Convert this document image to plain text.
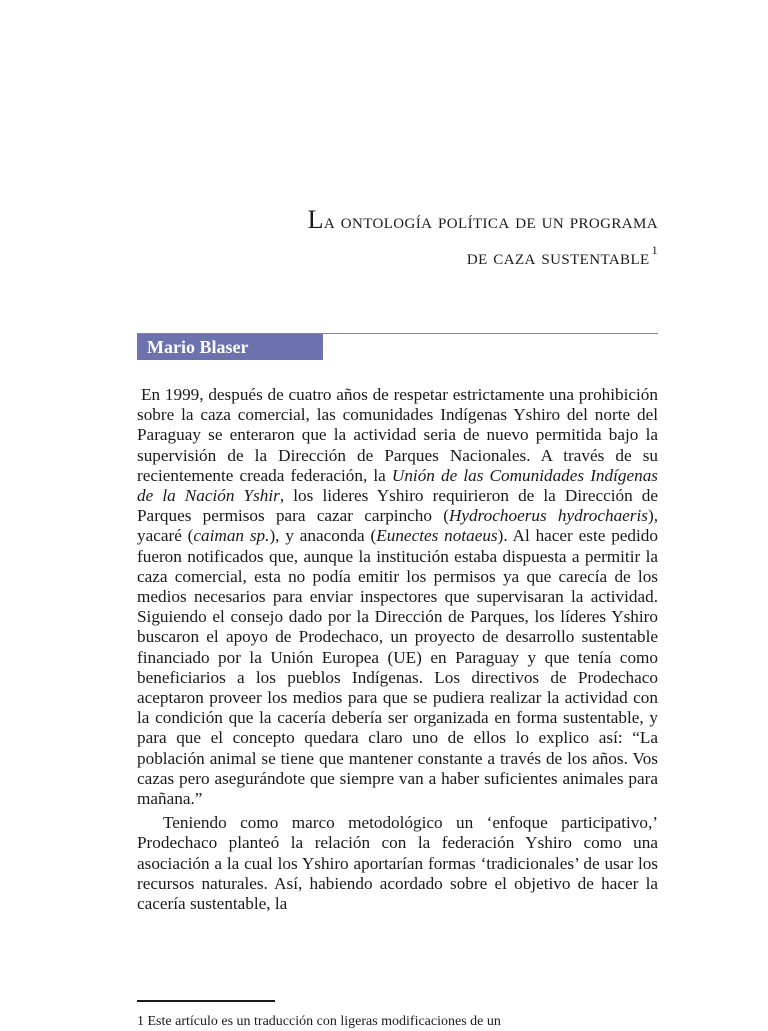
La ontología política de un programa
de caza sustentable $^1$
Mario Blaser

En 1999, después de cuatro años de respetar estrictamente una prohibición sobre la caza comercial, las comunidades Indígenas Yshiro del norte del Paraguay se enteraron que la actividad seria de nuevo permitida bajo la supervisión de la Dirección de Parques Nacionales. A través de su recientemente creada federación, la Unión de las Comunidades Indígenas de la Nación Yshir, los lideres Yshiro requirieron de la Dirección de Parques permisos para cazar carpincho (Hydrochoerus hydrochaeris), yacaré (caiman sp.), y anaconda (Eunectes notaeus). Al hacer este pedido fueron notificados que, aunque la institución estaba dispuesta a permitir la caza comercial, esta no podía emitir los permisos ya que carecía de los medios necesarios para enviar inspectores que supervisaran la actividad. Siguiendo el consejo dado por la Dirección de Parques, los líderes Yshiro buscaron el apoyo de Prodechaco, un proyecto de desarrollo sustentable financiado por la Unión Europea (UE) en Paraguay y que tenía como beneficiarios a los pueblos Indígenas. Los directivos de Prodechaco aceptaron proveer los medios para que se pudiera realizar la actividad con la condición que la cacería debería ser organizada en forma sustentable, y para que el concepto quedara claro uno de ellos lo explico así: “La población animal se tiene que mantener constante a través de los años. Vos cazas pero asegurándote que siempre van a haber suficientes animales para mañana.”

Teniendo como marco metodológico un ‘enfoque participativo,’ Prodechaco planteó la relación con la federación Yshiro como una asociación a la cual los Yshiro aportarían formas ‘tradicionales’ de usar los recursos naturales. Así, habiendo acordado sobre el objetivo de hacer la cacería sustentable, la

1 Este artículo es un traducción con ligeras modificaciones de un
